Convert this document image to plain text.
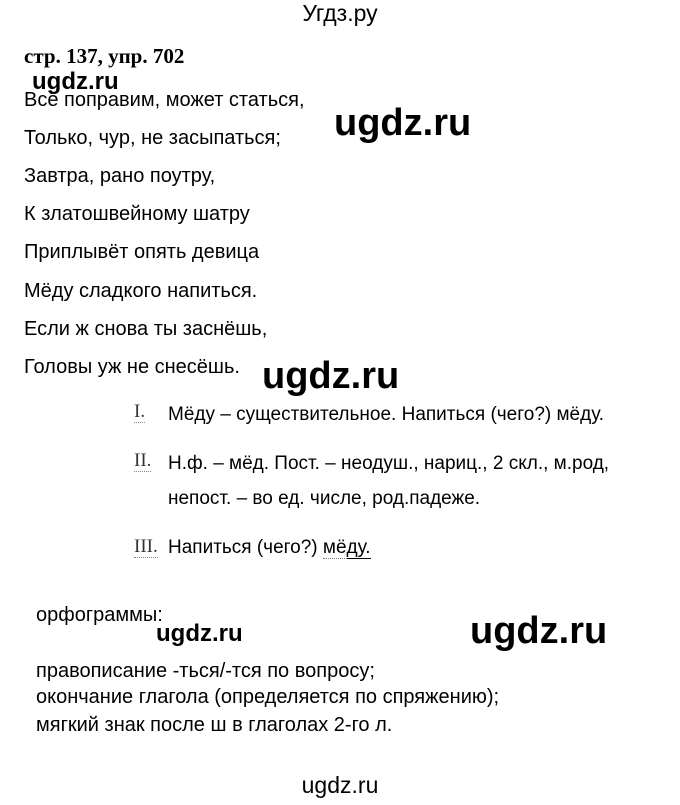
Угдз.ру
стр. 137, упр. 702
ugdz.ru
ugdz.ru
ugdz.ru
ugdz.ru	ugdz.ru
Всё поправим, может статься,
Только, чур, не засыпаться;
Завтра, рано поутру,
К златошвейному шатру
Приплывёт опять девица
Мёду сладкого напиться.
Если ж снова ты заснёшь,
Головы уж не снесёшь.
I. Мёду – существительное. Напиться (чего?) мёду.
II. Н.ф. – мёд. Пост. – неодуш., нариц., 2 скл., м.род,
непост. – во ед. числе, род.падеже.
III. Напиться (чего?) мёду.
орфограммы:
правописание -ться/-тся по вопросу;
окончание глагола (определяется по спряжению);
мягкий знак после ш в глаголах 2-го л.
ugdz.ru
